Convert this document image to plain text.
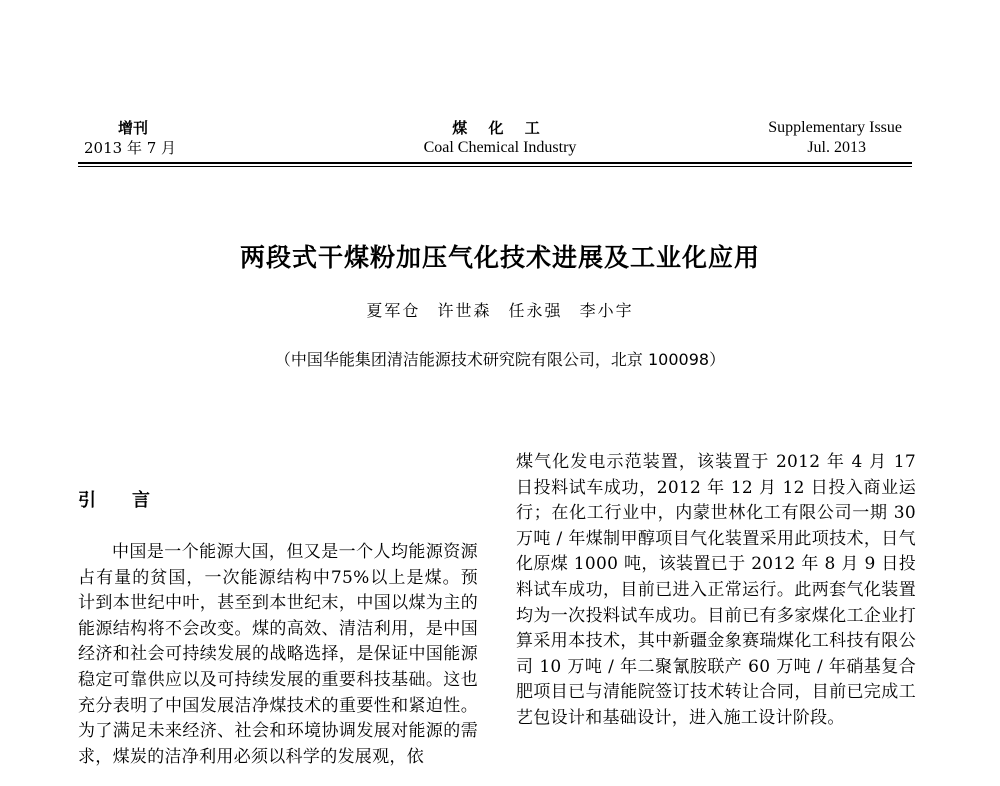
增刊
2013 年 7 月
煤 化 工
Coal Chemical Industry
Supplementary Issue
Jul. 2013
两段式干煤粉加压气化技术进展及工业化应用
夏军仓 许世森 任永强 李小宇
（中国华能集团清洁能源技术研究院有限公司，北京 100098）
引言
中国是一个能源大国，但又是一个人均能源资源占有量的贫国，一次能源结构中75%以上是煤。预计到本世纪中叶，甚至到本世纪末，中国以煤为主的能源结构将不会改变。煤的高效、清洁利用，是中国经济和社会可持续发展的战略选择，是保证中国能源稳定可靠供应以及可持续发展的重要科技基础。这也充分表明了中国发展洁净煤技术的重要性和紧迫性。为了满足未来经济、社会和环境协调发展对能源的需求，煤炭的洁净利用必须以科学的发展观，依
煤气化发电示范装置，该装置于 2012 年 4 月 17 日投料试车成功，2012 年 12 月 12 日投入商业运行；在化工行业中，内蒙世林化工有限公司一期 30 万吨 / 年煤制甲醇项目气化装置采用此项技术，日气化原煤 1000 吨，该装置已于 2012 年 8 月 9 日投料试车成功，目前已进入正常运行。此两套气化装置均为一次投料试车成功。目前已有多家煤化工企业打算采用本技术，其中新疆金象赛瑞煤化工科技有限公司 10 万吨 / 年二聚氰胺联产 60 万吨 / 年硝基复合肥项目已与清能院签订技术转让合同，目前已完成工艺包设计和基础设计，进入施工设计阶段。
